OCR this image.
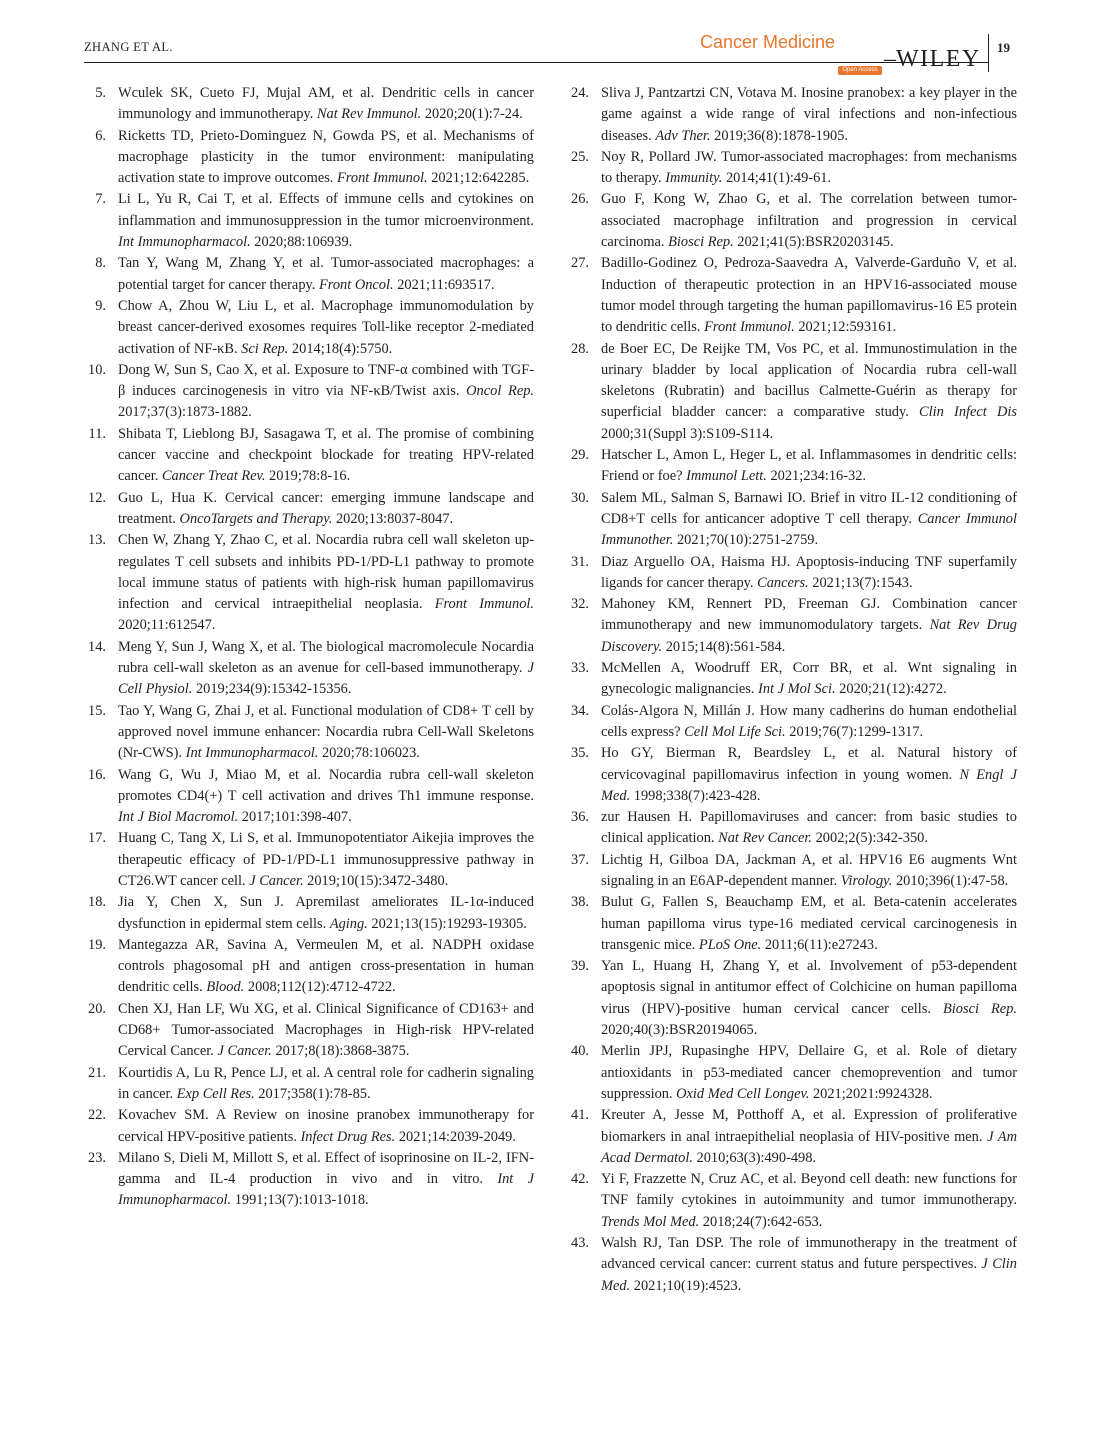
ZHANG ET AL.	Cancer Medicine
Open Access –WILEY 19
5. Wculek SK, Cueto FJ, Mujal AM, et al. Dendritic cells in cancer immunology and immunotherapy. Nat Rev Immunol. 2020;20(1):7-24.
6. Ricketts TD, Prieto-Dominguez N, Gowda PS, et al. Mechanisms of macrophage plasticity in the tumor environment: manipulating activation state to improve outcomes. Front Immunol. 2021;12:642285.
7. Li L, Yu R, Cai T, et al. Effects of immune cells and cytokines on inflammation and immunosuppression in the tumor microenvironment. Int Immunopharmacol. 2020;88:106939.
8. Tan Y, Wang M, Zhang Y, et al. Tumor-associated macrophages: a potential target for cancer therapy. Front Oncol. 2021;11:693517.
9. Chow A, Zhou W, Liu L, et al. Macrophage immunomodulation by breast cancer-derived exosomes requires Toll-like receptor 2-mediated activation of NF-κB. Sci Rep. 2014;18(4):5750.
10. Dong W, Sun S, Cao X, et al. Exposure to TNF-α combined with TGF-β induces carcinogenesis in vitro via NF-κB/Twist axis. Oncol Rep. 2017;37(3):1873-1882.
11. Shibata T, Lieblong BJ, Sasagawa T, et al. The promise of combining cancer vaccine and checkpoint blockade for treating HPV-related cancer. Cancer Treat Rev. 2019;78:8-16.
12. Guo L, Hua K. Cervical cancer: emerging immune landscape and treatment. OncoTargets and Therapy. 2020;13:8037-8047.
13. Chen W, Zhang Y, Zhao C, et al. Nocardia rubra cell wall skeleton up-regulates T cell subsets and inhibits PD-1/PD-L1 pathway to promote local immune status of patients with high-risk human papillomavirus infection and cervical intraepithelial neoplasia. Front Immunol. 2020;11:612547.
14. Meng Y, Sun J, Wang X, et al. The biological macromolecule Nocardia rubra cell-wall skeleton as an avenue for cell-based immunotherapy. J Cell Physiol. 2019;234(9):15342-15356.
15. Tao Y, Wang G, Zhai J, et al. Functional modulation of CD8+ T cell by approved novel immune enhancer: Nocardia rubra Cell-Wall Skeletons (Nr-CWS). Int Immunopharmacol. 2020;78:106023.
16. Wang G, Wu J, Miao M, et al. Nocardia rubra cell-wall skeleton promotes CD4(+) T cell activation and drives Th1 immune response. Int J Biol Macromol. 2017;101:398-407.
17. Huang C, Tang X, Li S, et al. Immunopotentiator Aikejia improves the therapeutic efficacy of PD-1/PD-L1 immunosuppressive pathway in CT26.WT cancer cell. J Cancer. 2019;10(15):3472-3480.
18. Jia Y, Chen X, Sun J. Apremilast ameliorates IL-1α-induced dysfunction in epidermal stem cells. Aging. 2021;13(15):19293-19305.
19. Mantegazza AR, Savina A, Vermeulen M, et al. NADPH oxidase controls phagosomal pH and antigen cross-presentation in human dendritic cells. Blood. 2008;112(12):4712-4722.
20. Chen XJ, Han LF, Wu XG, et al. Clinical Significance of CD163+ and CD68+ Tumor-associated Macrophages in High-risk HPV-related Cervical Cancer. J Cancer. 2017;8(18):3868-3875.
21. Kourtidis A, Lu R, Pence LJ, et al. A central role for cadherin signaling in cancer. Exp Cell Res. 2017;358(1):78-85.
22. Kovachev SM. A Review on inosine pranobex immunotherapy for cervical HPV-positive patients. Infect Drug Res. 2021;14:2039-2049.
23. Milano S, Dieli M, Millott S, et al. Effect of isoprinosine on IL-2, IFN-gamma and IL-4 production in vivo and in vitro. Int J Immunopharmacol. 1991;13(7):1013-1018.
24. Sliva J, Pantzartzi CN, Votava M. Inosine pranobex: a key player in the game against a wide range of viral infections and non-infectious diseases. Adv Ther. 2019;36(8):1878-1905.
25. Noy R, Pollard JW. Tumor-associated macrophages: from mechanisms to therapy. Immunity. 2014;41(1):49-61.
26. Guo F, Kong W, Zhao G, et al. The correlation between tumor-associated macrophage infiltration and progression in cervical carcinoma. Biosci Rep. 2021;41(5):BSR20203145.
27. Badillo-Godinez O, Pedroza-Saavedra A, Valverde-Garduño V, et al. Induction of therapeutic protection in an HPV16-associated mouse tumor model through targeting the human papillomavirus-16 E5 protein to dendritic cells. Front Immunol. 2021;12:593161.
28. de Boer EC, De Reijke TM, Vos PC, et al. Immunostimulation in the urinary bladder by local application of Nocardia rubra cell-wall skeletons (Rubratin) and bacillus Calmette-Guérin as therapy for superficial bladder cancer: a comparative study. Clin Infect Dis 2000;31(Suppl 3):S109-S114.
29. Hatscher L, Amon L, Heger L, et al. Inflammasomes in dendritic cells: Friend or foe? Immunol Lett. 2021;234:16-32.
30. Salem ML, Salman S, Barnawi IO. Brief in vitro IL-12 conditioning of CD8+T cells for anticancer adoptive T cell therapy. Cancer Immunol Immunother. 2021;70(10):2751-2759.
31. Diaz Arguello OA, Haisma HJ. Apoptosis-inducing TNF superfamily ligands for cancer therapy. Cancers. 2021;13(7):1543.
32. Mahoney KM, Rennert PD, Freeman GJ. Combination cancer immunotherapy and new immunomodulatory targets. Nat Rev Drug Discovery. 2015;14(8):561-584.
33. McMellen A, Woodruff ER, Corr BR, et al. Wnt signaling in gynecologic malignancies. Int J Mol Sci. 2020;21(12):4272.
34. Colás-Algora N, Millán J. How many cadherins do human endothelial cells express? Cell Mol Life Sci. 2019;76(7):1299-1317.
35. Ho GY, Bierman R, Beardsley L, et al. Natural history of cervicovaginal papillomavirus infection in young women. N Engl J Med. 1998;338(7):423-428.
36. zur Hausen H. Papillomaviruses and cancer: from basic studies to clinical application. Nat Rev Cancer. 2002;2(5):342-350.
37. Lichtig H, Gilboa DA, Jackman A, et al. HPV16 E6 augments Wnt signaling in an E6AP-dependent manner. Virology. 2010;396(1):47-58.
38. Bulut G, Fallen S, Beauchamp EM, et al. Beta-catenin accelerates human papilloma virus type-16 mediated cervical carcinogenesis in transgenic mice. PLoS One. 2011;6(11):e27243.
39. Yan L, Huang H, Zhang Y, et al. Involvement of p53-dependent apoptosis signal in antitumor effect of Colchicine on human papilloma virus (HPV)-positive human cervical cancer cells. Biosci Rep. 2020;40(3):BSR20194065.
40. Merlin JPJ, Rupasinghe HPV, Dellaire G, et al. Role of dietary antioxidants in p53-mediated cancer chemoprevention and tumor suppression. Oxid Med Cell Longev. 2021;2021:9924328.
41. Kreuter A, Jesse M, Potthoff A, et al. Expression of proliferative biomarkers in anal intraepithelial neoplasia of HIV-positive men. J Am Acad Dermatol. 2010;63(3):490-498.
42. Yi F, Frazzette N, Cruz AC, et al. Beyond cell death: new functions for TNF family cytokines in autoimmunity and tumor immunotherapy. Trends Mol Med. 2018;24(7):642-653.
43. Walsh RJ, Tan DSP. The role of immunotherapy in the treatment of advanced cervical cancer: current status and future perspectives. J Clin Med. 2021;10(19):4523.
